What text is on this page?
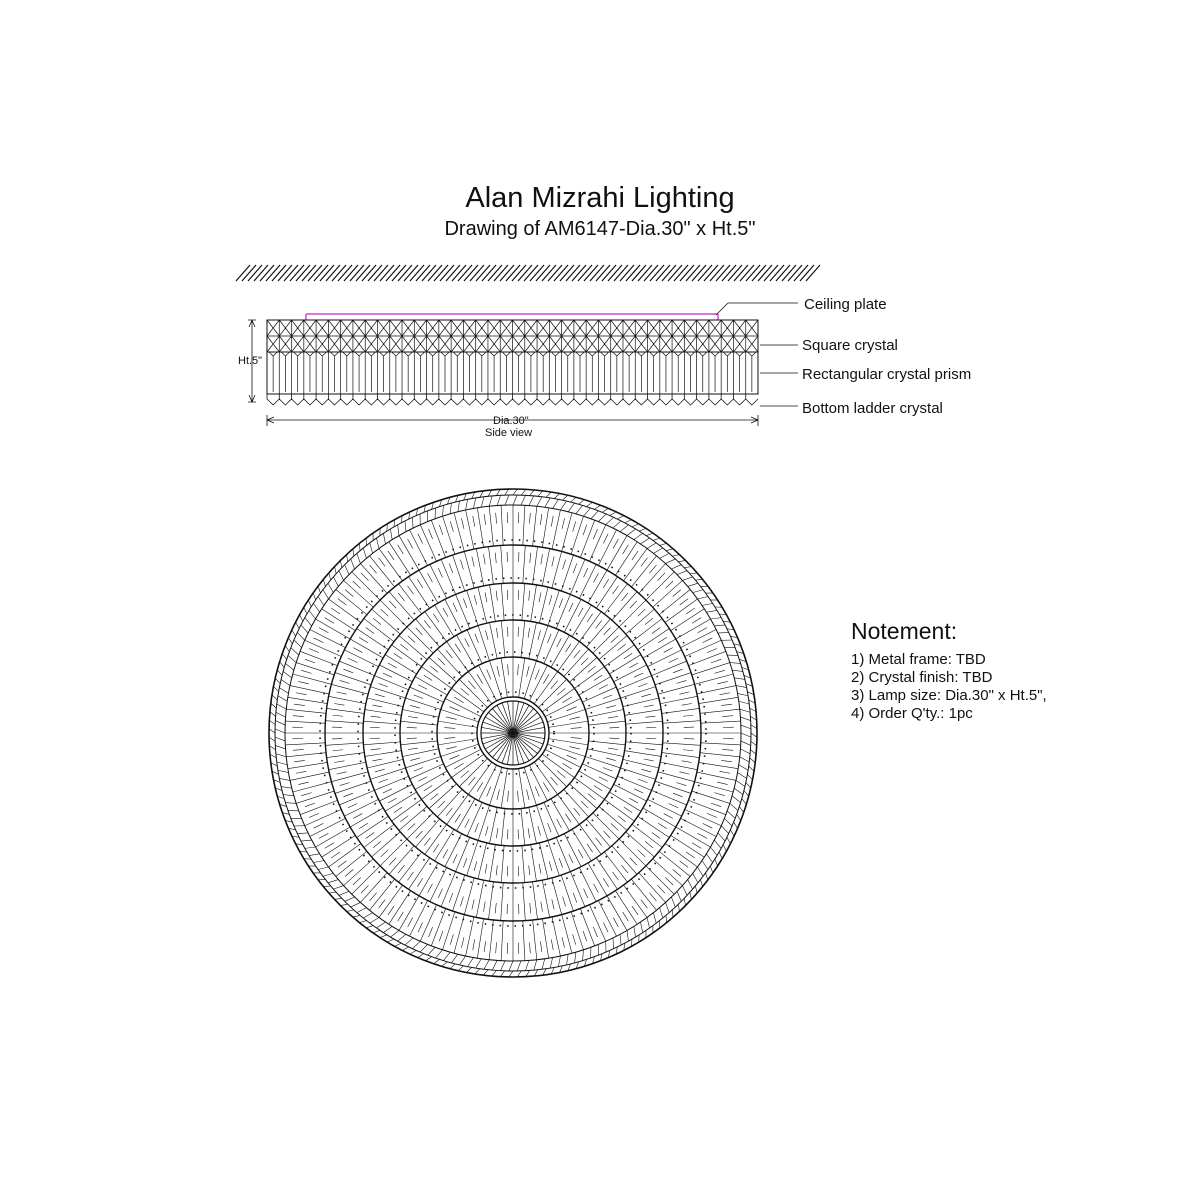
Alan Mizrahi Lighting
Drawing of AM6147-Dia.30" x Ht.5"
Ceiling plate
Square crystal
Rectangular crystal prism
Bottom ladder crystal
Ht.5"
Dia.30"
Side view
Notement:
1) Metal frame: TBD
2) Crystal finish: TBD
3) Lamp size: Dia.30" x Ht.5",
4) Order Q'ty.: 1pc
